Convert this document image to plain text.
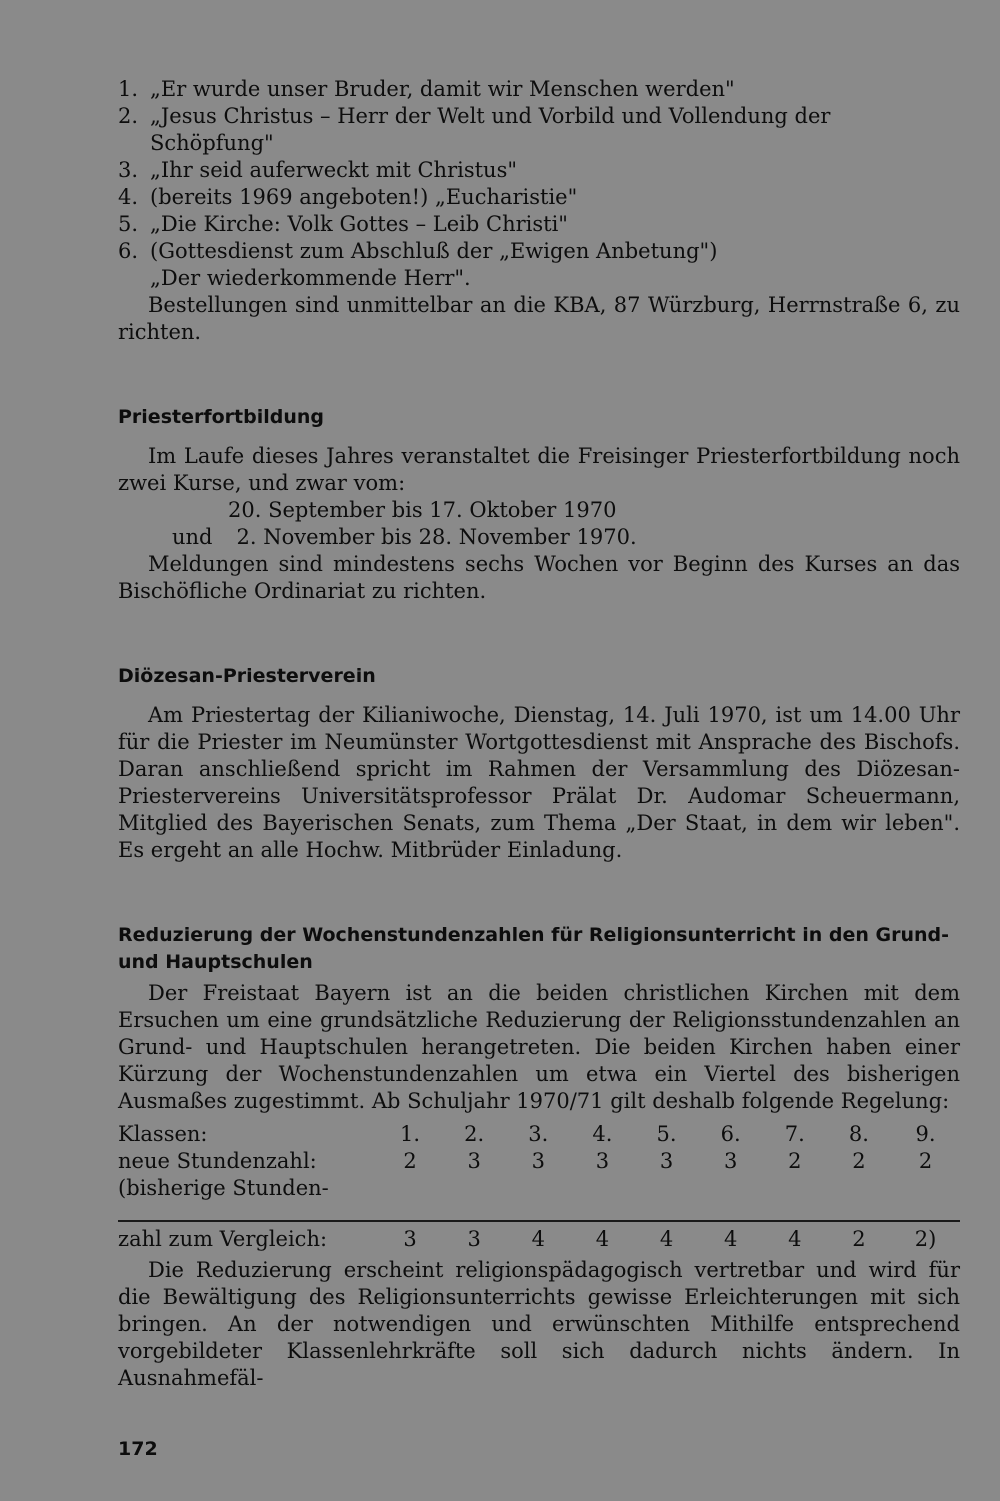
1. „Er wurde unser Bruder, damit wir Menschen werden"
2. „Jesus Christus – Herr der Welt und Vorbild und Vollendung der Schöpfung"
3. „Ihr seid auferweckt mit Christus"
4. (bereits 1969 angeboten!) „Eucharistie"
5. „Die Kirche: Volk Gottes – Leib Christi"
6. (Gottesdienst zum Abschluß der „Ewigen Anbetung")
„Der wiederkommende Herr".

Bestellungen sind unmittelbar an die KBA, 87 Würzburg, Herrnstraße 6, zu richten.

Priesterfortbildung

Im Laufe dieses Jahres veranstaltet die Freisinger Priesterfortbildung noch zwei Kurse, und zwar vom:

20. September bis 17. Oktober 1970
und 2. November bis 28. November 1970.

Meldungen sind mindestens sechs Wochen vor Beginn des Kurses an das Bischöfliche Ordinariat zu richten.

Diözesan-Priesterverein

Am Priestertag der Kilianiwoche, Dienstag, 14. Juli 1970, ist um 14.00 Uhr für die Priester im Neumünster Wortgottesdienst mit Ansprache des Bischofs. Daran anschließend spricht im Rahmen der Versammlung des Diözesan-Priestervereins Universitätsprofessor Prälat Dr. Audomar Scheuermann, Mitglied des Bayerischen Senats, zum Thema „Der Staat, in dem wir leben". Es ergeht an alle Hochw. Mitbrüder Einladung.

Reduzierung der Wochenstundenzahlen für Religionsunterricht in den Grund- und Hauptschulen

Der Freistaat Bayern ist an die beiden christlichen Kirchen mit dem Ersuchen um eine grundsätzliche Reduzierung der Religionsstundenzahlen an Grund- und Hauptschulen herangetreten. Die beiden Kirchen haben einer Kürzung der Wochenstundenzahlen um etwa ein Viertel des bisherigen Ausmaßes zugestimmt. Ab Schuljahr 1970/71 gilt deshalb folgende Regelung:

Klassen:	1.	2.	3.	4.	5.	6.	7.	8.	9.
neue Stundenzahl:	2	3	3	3	3	3	2	2	2
(bisherige Stunden-									

zahl zum Vergleich:	3	3	4	4	4	4	4	2	2)

Die Reduzierung erscheint religionspädagogisch vertretbar und wird für die Bewältigung des Religionsunterrichts gewisse Erleichterungen mit sich bringen. An der notwendigen und erwünschten Mithilfe entsprechend vorgebildeter Klassenlehrkräfte soll sich dadurch nichts ändern. In Ausnahmefäl-

172
